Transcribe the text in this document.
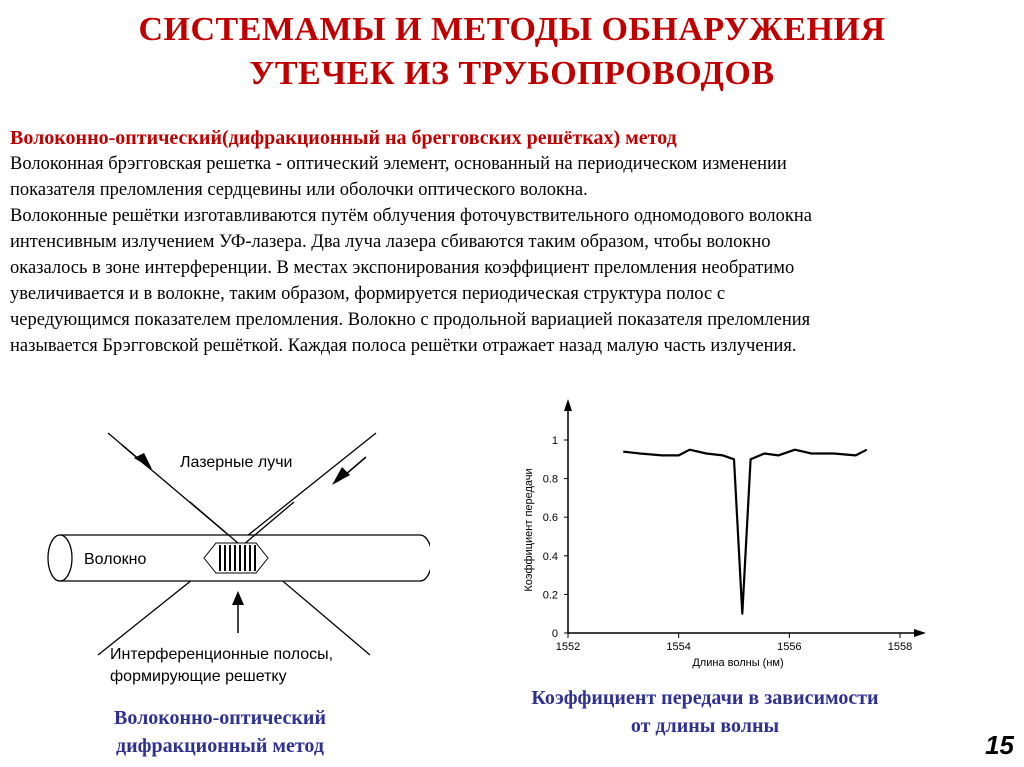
СИСТЕМАМЫ И МЕТОДЫ ОБНАРУЖЕНИЯ
УТЕЧЕК ИЗ ТРУБОПРОВОДОВ
Волоконно-оптический(дифракционный на брегговских решётках) метод
Волоконная брэгговская решетка - оптический элемент, основанный на периодическом изменении
показателя преломления сердцевины или оболочки оптического волокна.
Волоконные решётки изготавливаются путём облучения фоточувствительного одномодового волокна
интенсивным излучением УФ-лазера. Два луча лазера сбиваются таким образом, чтобы волокно
оказалось в зоне интерференции. В местах экспонирования коэффициент преломления необратимо
увеличивается и в волокне, таким образом, формируется периодическая структура полос с
чередующимся показателем преломления. Волокно с продольной вариацией показателя преломления
называется Брэгговской решёткой. Каждая полоса решётки отражает назад малую часть излучения.
Лазерные лучи
Волокно
Интерференционные полосы,
формирующие решетку
Коэффициент передачи
Длина волны (нм)
0
0.2
0.4
0.6
0.8
1
1552	1554	1556	1558
Волоконно-оптический
дифракционный метод
Коэффициент передачи в зависимости
от длины волны
15
